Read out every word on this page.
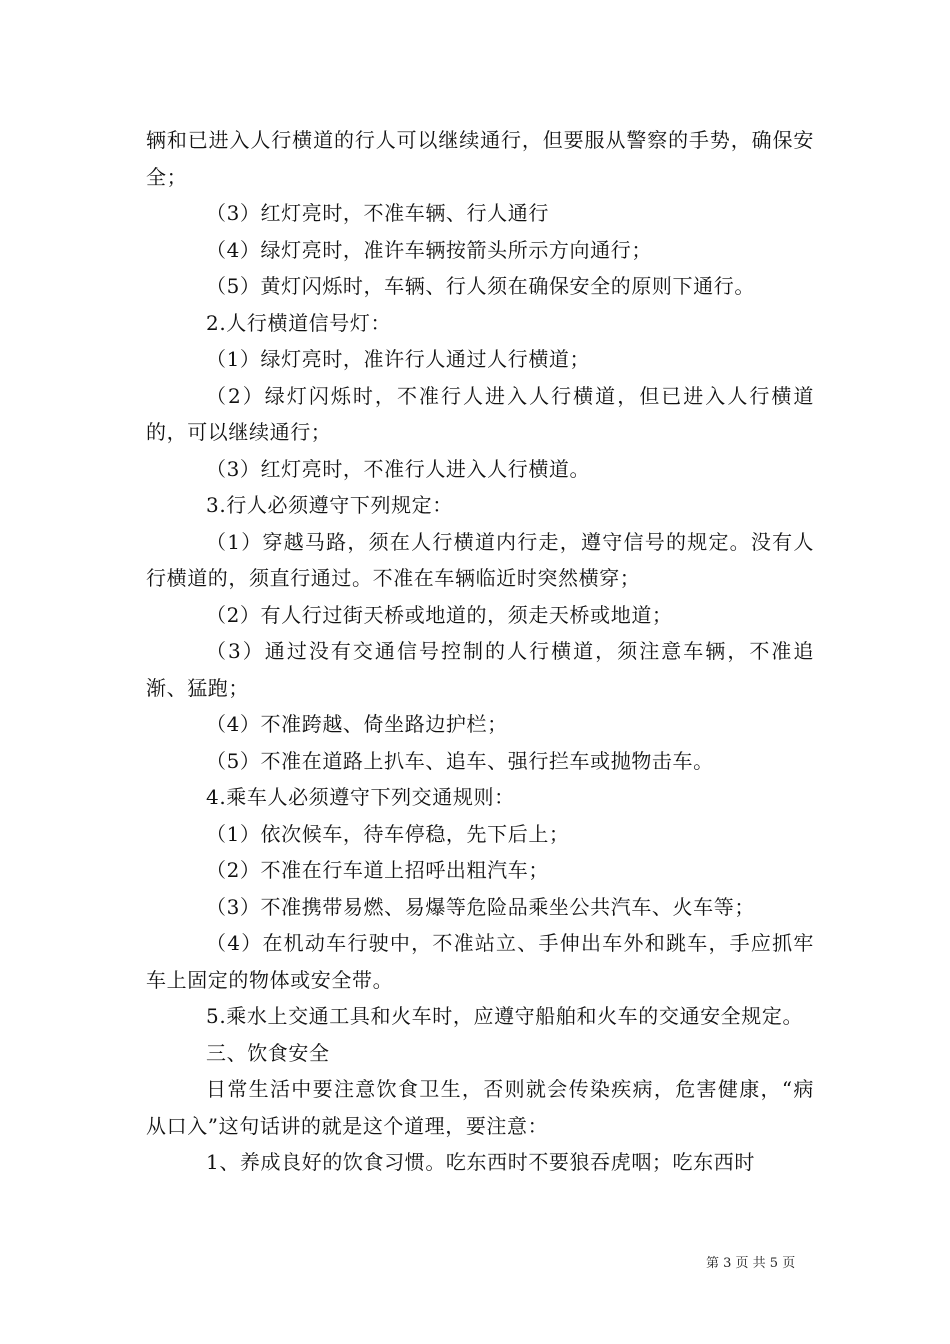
辆和已进入人行横道的行人可以继续通行，但要服从警察的手势，确保安全；

（3）红灯亮时，不准车辆、行人通行

（4）绿灯亮时，准许车辆按箭头所示方向通行；

（5）黄灯闪烁时，车辆、行人须在确保安全的原则下通行。

2.人行横道信号灯：

（1）绿灯亮时，准许行人通过人行横道；

（2）绿灯闪烁时，不准行人进入人行横道，但已进入人行横道的，可以继续通行；

（3）红灯亮时，不准行人进入人行横道。

3.行人必须遵守下列规定：

（1）穿越马路，须在人行横道内行走，遵守信号的规定。没有人行横道的，须直行通过。不准在车辆临近时突然横穿；

（2）有人行过街天桥或地道的，须走天桥或地道；

（3）通过没有交通信号控制的人行横道，须注意车辆，不准追渐、猛跑；

（4）不准跨越、倚坐路边护栏；

（5）不准在道路上扒车、追车、强行拦车或抛物击车。

4.乘车人必须遵守下列交通规则：

（1）依次候车，待车停稳，先下后上；

（2）不准在行车道上招呼出粗汽车；

（3）不准携带易燃、易爆等危险品乘坐公共汽车、火车等；

（4）在机动车行驶中，不准站立、手伸出车外和跳车，手应抓牢车上固定的物体或安全带。

5.乘水上交通工具和火车时，应遵守船舶和火车的交通安全规定。

三、饮食安全

日常生活中要注意饮食卫生，否则就会传染疾病，危害健康，“病从口入”这句话讲的就是这个道理，要注意：

1、养成良好的饮食习惯。吃东西时不要狼吞虎咽；吃东西时

第 3 页 共 5 页
